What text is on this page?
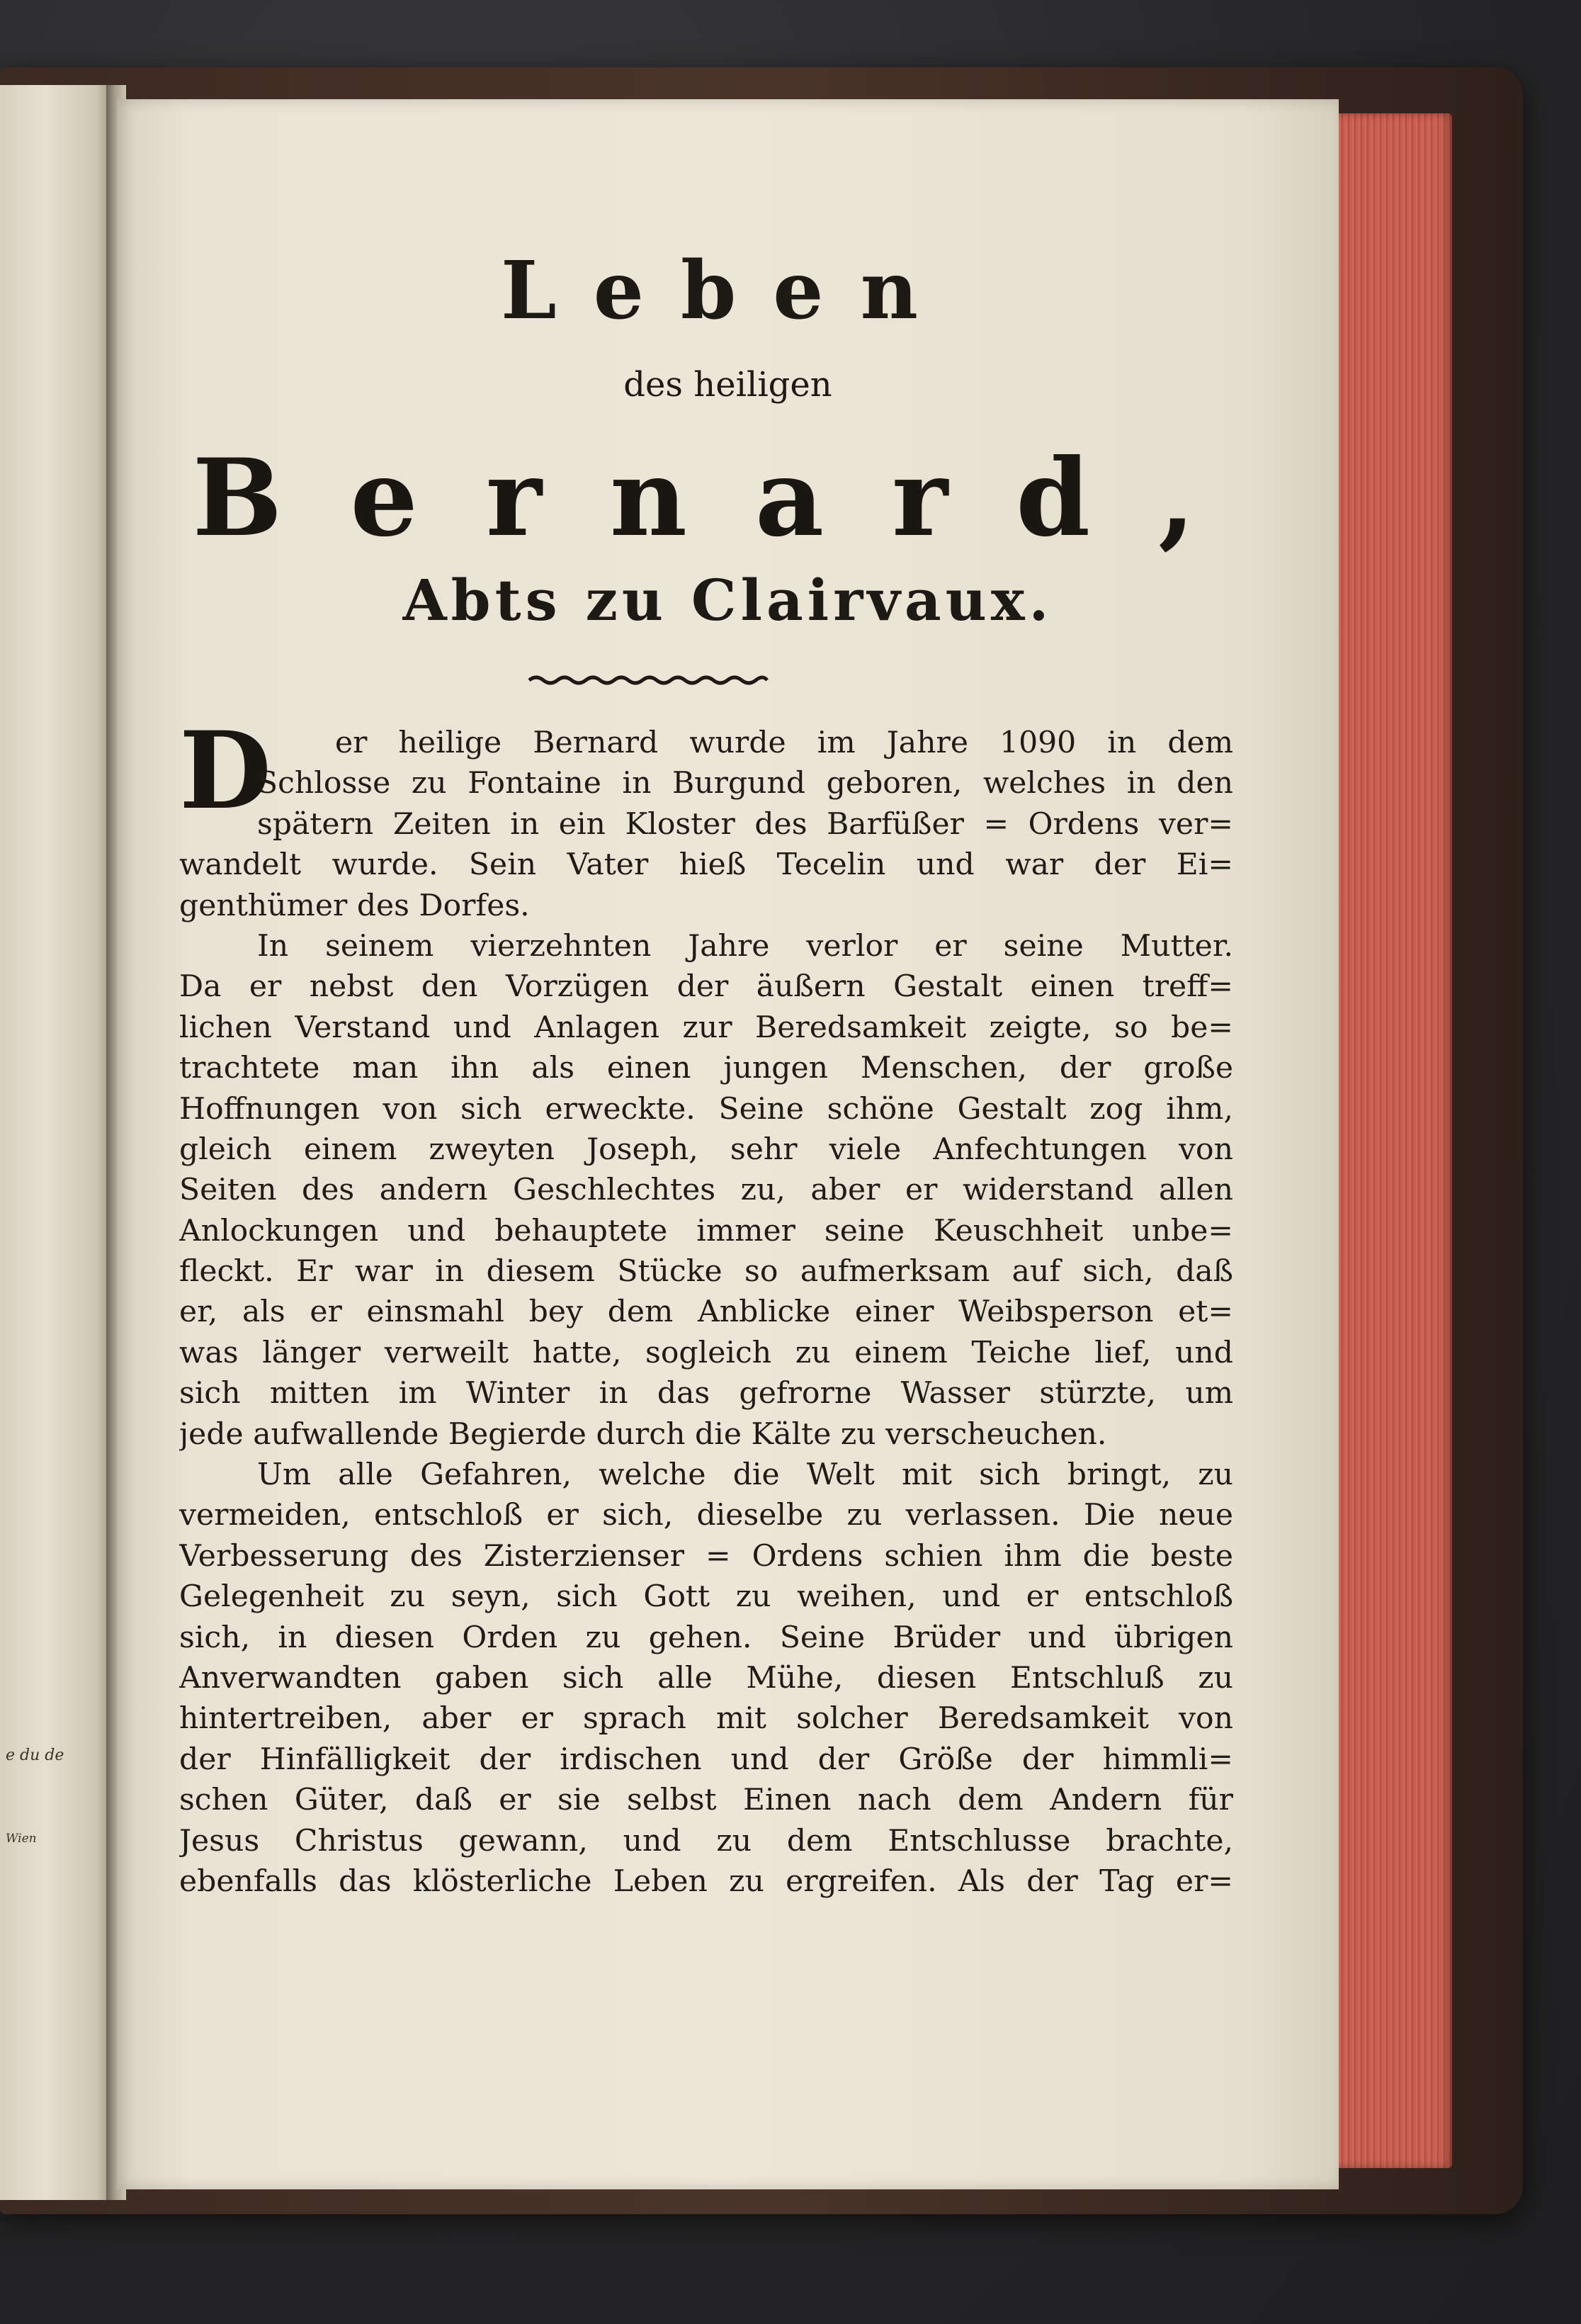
e du de
Wien
Leben
des heiligen
Bernard,
Abts zu Clairvaux.
D	er heilige Bernard wurde im Jahre 1090 in dem
Schlosse zu Fontaine in Burgund geboren, welches in den
spätern Zeiten in ein Kloster des Barfüßer = Ordens ver=
wandelt wurde. Sein Vater hieß Tecelin und war der Ei=
genthümer des Dorfes.
In seinem vierzehnten Jahre verlor er seine Mutter.
Da er nebst den Vorzügen der äußern Gestalt einen treff=
lichen Verstand und Anlagen zur Beredsamkeit zeigte, so be=
trachtete man ihn als einen jungen Menschen, der große
Hoffnungen von sich erweckte. Seine schöne Gestalt zog ihm,
gleich einem zweyten Joseph, sehr viele Anfechtungen von
Seiten des andern Geschlechtes zu, aber er widerstand allen
Anlockungen und behauptete immer seine Keuschheit unbe=
fleckt. Er war in diesem Stücke so aufmerksam auf sich, daß
er, als er einsmahl bey dem Anblicke einer Weibsperson et=
was länger verweilt hatte, sogleich zu einem Teiche lief, und
sich mitten im Winter in das gefrorne Wasser stürzte, um
jede aufwallende Begierde durch die Kälte zu verscheuchen.
Um alle Gefahren, welche die Welt mit sich bringt, zu
vermeiden, entschloß er sich, dieselbe zu verlassen. Die neue
Verbesserung des Zisterzienser = Ordens schien ihm die beste
Gelegenheit zu seyn, sich Gott zu weihen, und er entschloß
sich, in diesen Orden zu gehen. Seine Brüder und übrigen
Anverwandten gaben sich alle Mühe, diesen Entschluß zu
hintertreiben, aber er sprach mit solcher Beredsamkeit von
der Hinfälligkeit der irdischen und der Größe der himmli=
schen Güter, daß er sie selbst Einen nach dem Andern für
Jesus Christus gewann, und zu dem Entschlusse brachte,
ebenfalls das klösterliche Leben zu ergreifen. Als der Tag er=
